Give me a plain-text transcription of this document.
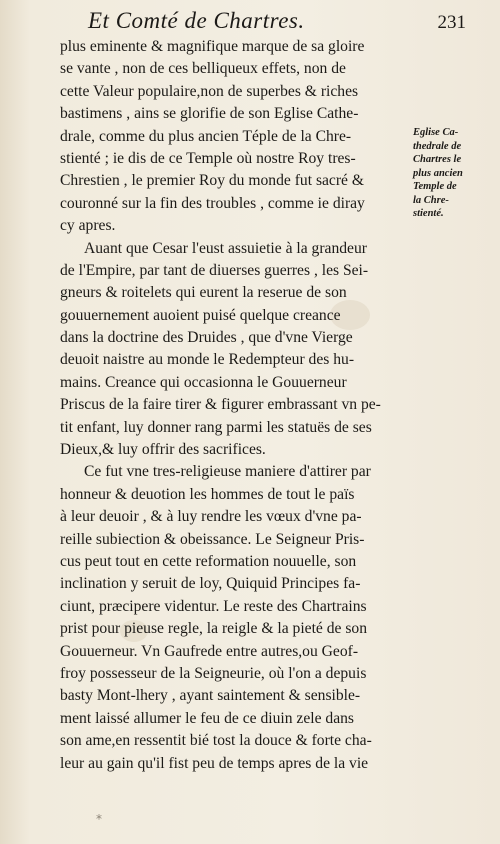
Et Comté de Chartres.	231
plus eminente & magnifique marque de sa gloire
se vante , non de ces belliqueux effets, non de
cette Valeur populaire,non de superbes & riches
bastimens , ains se glorifie de son Eglise Cathe-
drale, comme du plus ancien Téple de la Chre-
stienté ; ie dis de ce Temple où nostre Roy tres-
Chrestien , le premier Roy du monde fut sacré &
couronné sur la fin des troubles , comme ie diray
cy apres.
Auant que Cesar l'eust assuietie à la grandeur
de l'Empire, par tant de diuerses guerres , les Sei-
gneurs & roitelets qui eurent la reserue de son
gouuernement auoient puisé quelque creance
dans la doctrine des Druides , que d'vne Vierge
deuoit naistre au monde le Redempteur des hu-
mains. Creance qui occasionna le Gouuerneur
Priscus de la faire tirer & figurer embrassant vn pe-
tit enfant, luy donner rang parmi les statuës de ses
Dieux,& luy offrir des sacrifices.
Ce fut vne tres-religieuse maniere d'attirer par
honneur & deuotion les hommes de tout le païs
à leur deuoir , & à luy rendre les vœux d'vne pa-
reille subiection & obeissance. Le Seigneur Pris-
cus peut tout en cette reformation nouuelle, son
inclination y seruit de loy, Quiquid Principes fa-
ciunt, præcipere videntur. Le reste des Chartrains
prist pour pieuse regle, la reigle & la pieté de son
Gouuerneur. Vn Gaufrede entre autres,ou Geof-
froy possesseur de la Seigneurie, où l'on a depuis
basty Mont-lhery , ayant saintement & sensible-
ment laissé allumer le feu de ce diuin zele dans
son ame,en ressentit bié tost la douce & forte cha-
leur au gain qu'il fist peu de temps apres de la vie
Eglise Ca-
thedrale de
Chartres le
plus ancien
Temple de
la Chre-
stienté.
*
